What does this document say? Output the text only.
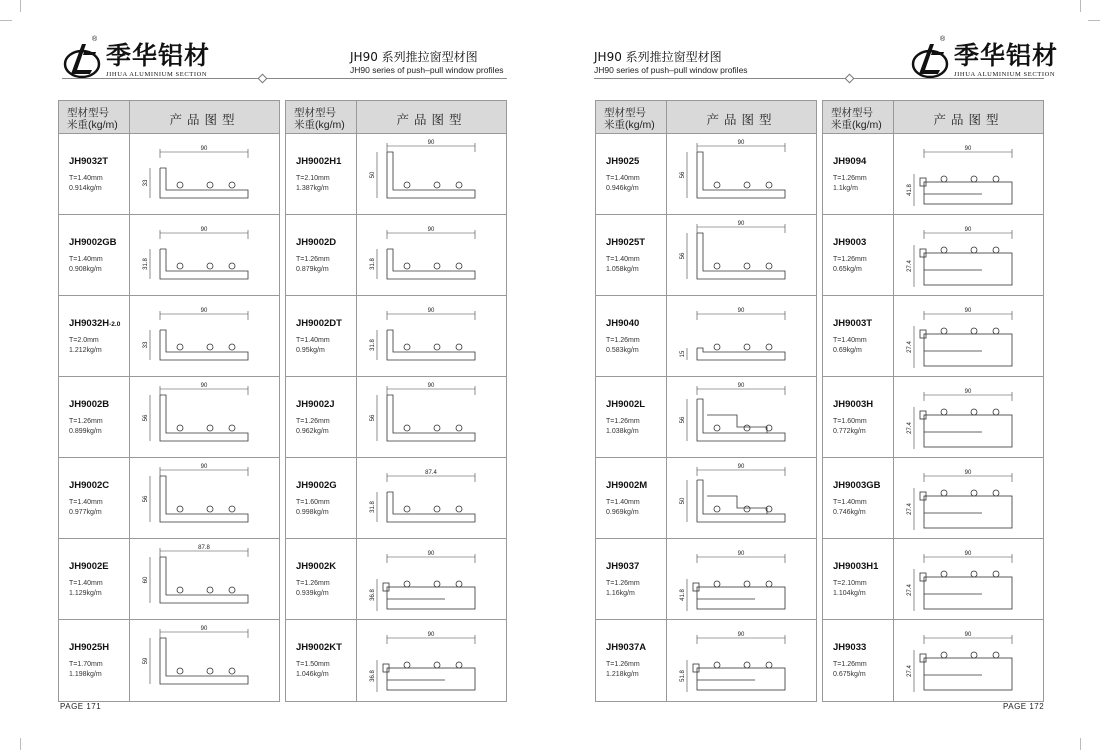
季华铝材
JIHUA ALUMINIUM SECTION
®
JH90 系列推拉窗型材图
JH90 series of push–pull window profiles
型材型号
米重(kg/m)	产品图型
JH9032T
T=1.40mm
0.914kg/m
90
33
JH9002GB
T=1.40mm
0.908kg/m
90
31.8
JH9032H-2.0
T=2.0mm
1.212kg/m
90
33
JH9002B
T=1.26mm
0.899kg/m
90
56
JH9002C
T=1.40mm
0.977kg/m
90
56
JH9002E
T=1.40mm
1.129kg/m
87.8
60
JH9025H
T=1.70mm
1.198kg/m
90
59
型材型号
米重(kg/m)	产品图型
JH9002H1
T=2.10mm
1.387kg/m
90
50
JH9002D
T=1.26mm
0.879kg/m
90
31.8
JH9002DT
T=1.40mm
0.95kg/m
90
31.8
JH9002J
T=1.26mm
0.962kg/m
90
56
JH9002G
T=1.60mm
0.998kg/m
87.4
31.8
JH9002K
T=1.26mm
0.939kg/m
90
36.8
JH9002KT
T=1.50mm
1.046kg/m
90
36.8
PAGE 171
JH90 系列推拉窗型材图
JH90 series of push–pull window profiles
季华铝材
JIHUA ALUMINIUM SECTION
®
型材型号
米重(kg/m)	产品图型
JH9025
T=1.40mm
0.946kg/m
90
56
JH9025T
T=1.40mm
1.058kg/m
90
56
JH9040
T=1.26mm
0.583kg/m
90
15
JH9002L
T=1.26mm
1.038kg/m
90
56
JH9002M
T=1.40mm
0.969kg/m
90
50
JH9037
T=1.26mm
1.16kg/m
90
41.8
JH9037A
T=1.26mm
1.218kg/m
90
51.8
型材型号
米重(kg/m)	产品图型
JH9094
T=1.26mm
1.1kg/m
90
41.8
JH9003
T=1.26mm
0.65kg/m
90
27.4
JH9003T
T=1.40mm
0.69kg/m
90
27.4
JH9003H
T=1.60mm
0.772kg/m
90
27.4
JH9003GB
T=1.40mm
0.746kg/m
90
27.4
JH9003H1
T=2.10mm
1.104kg/m
90
27.4
JH9033
T=1.26mm
0.675kg/m
90
27.4
PAGE 172
